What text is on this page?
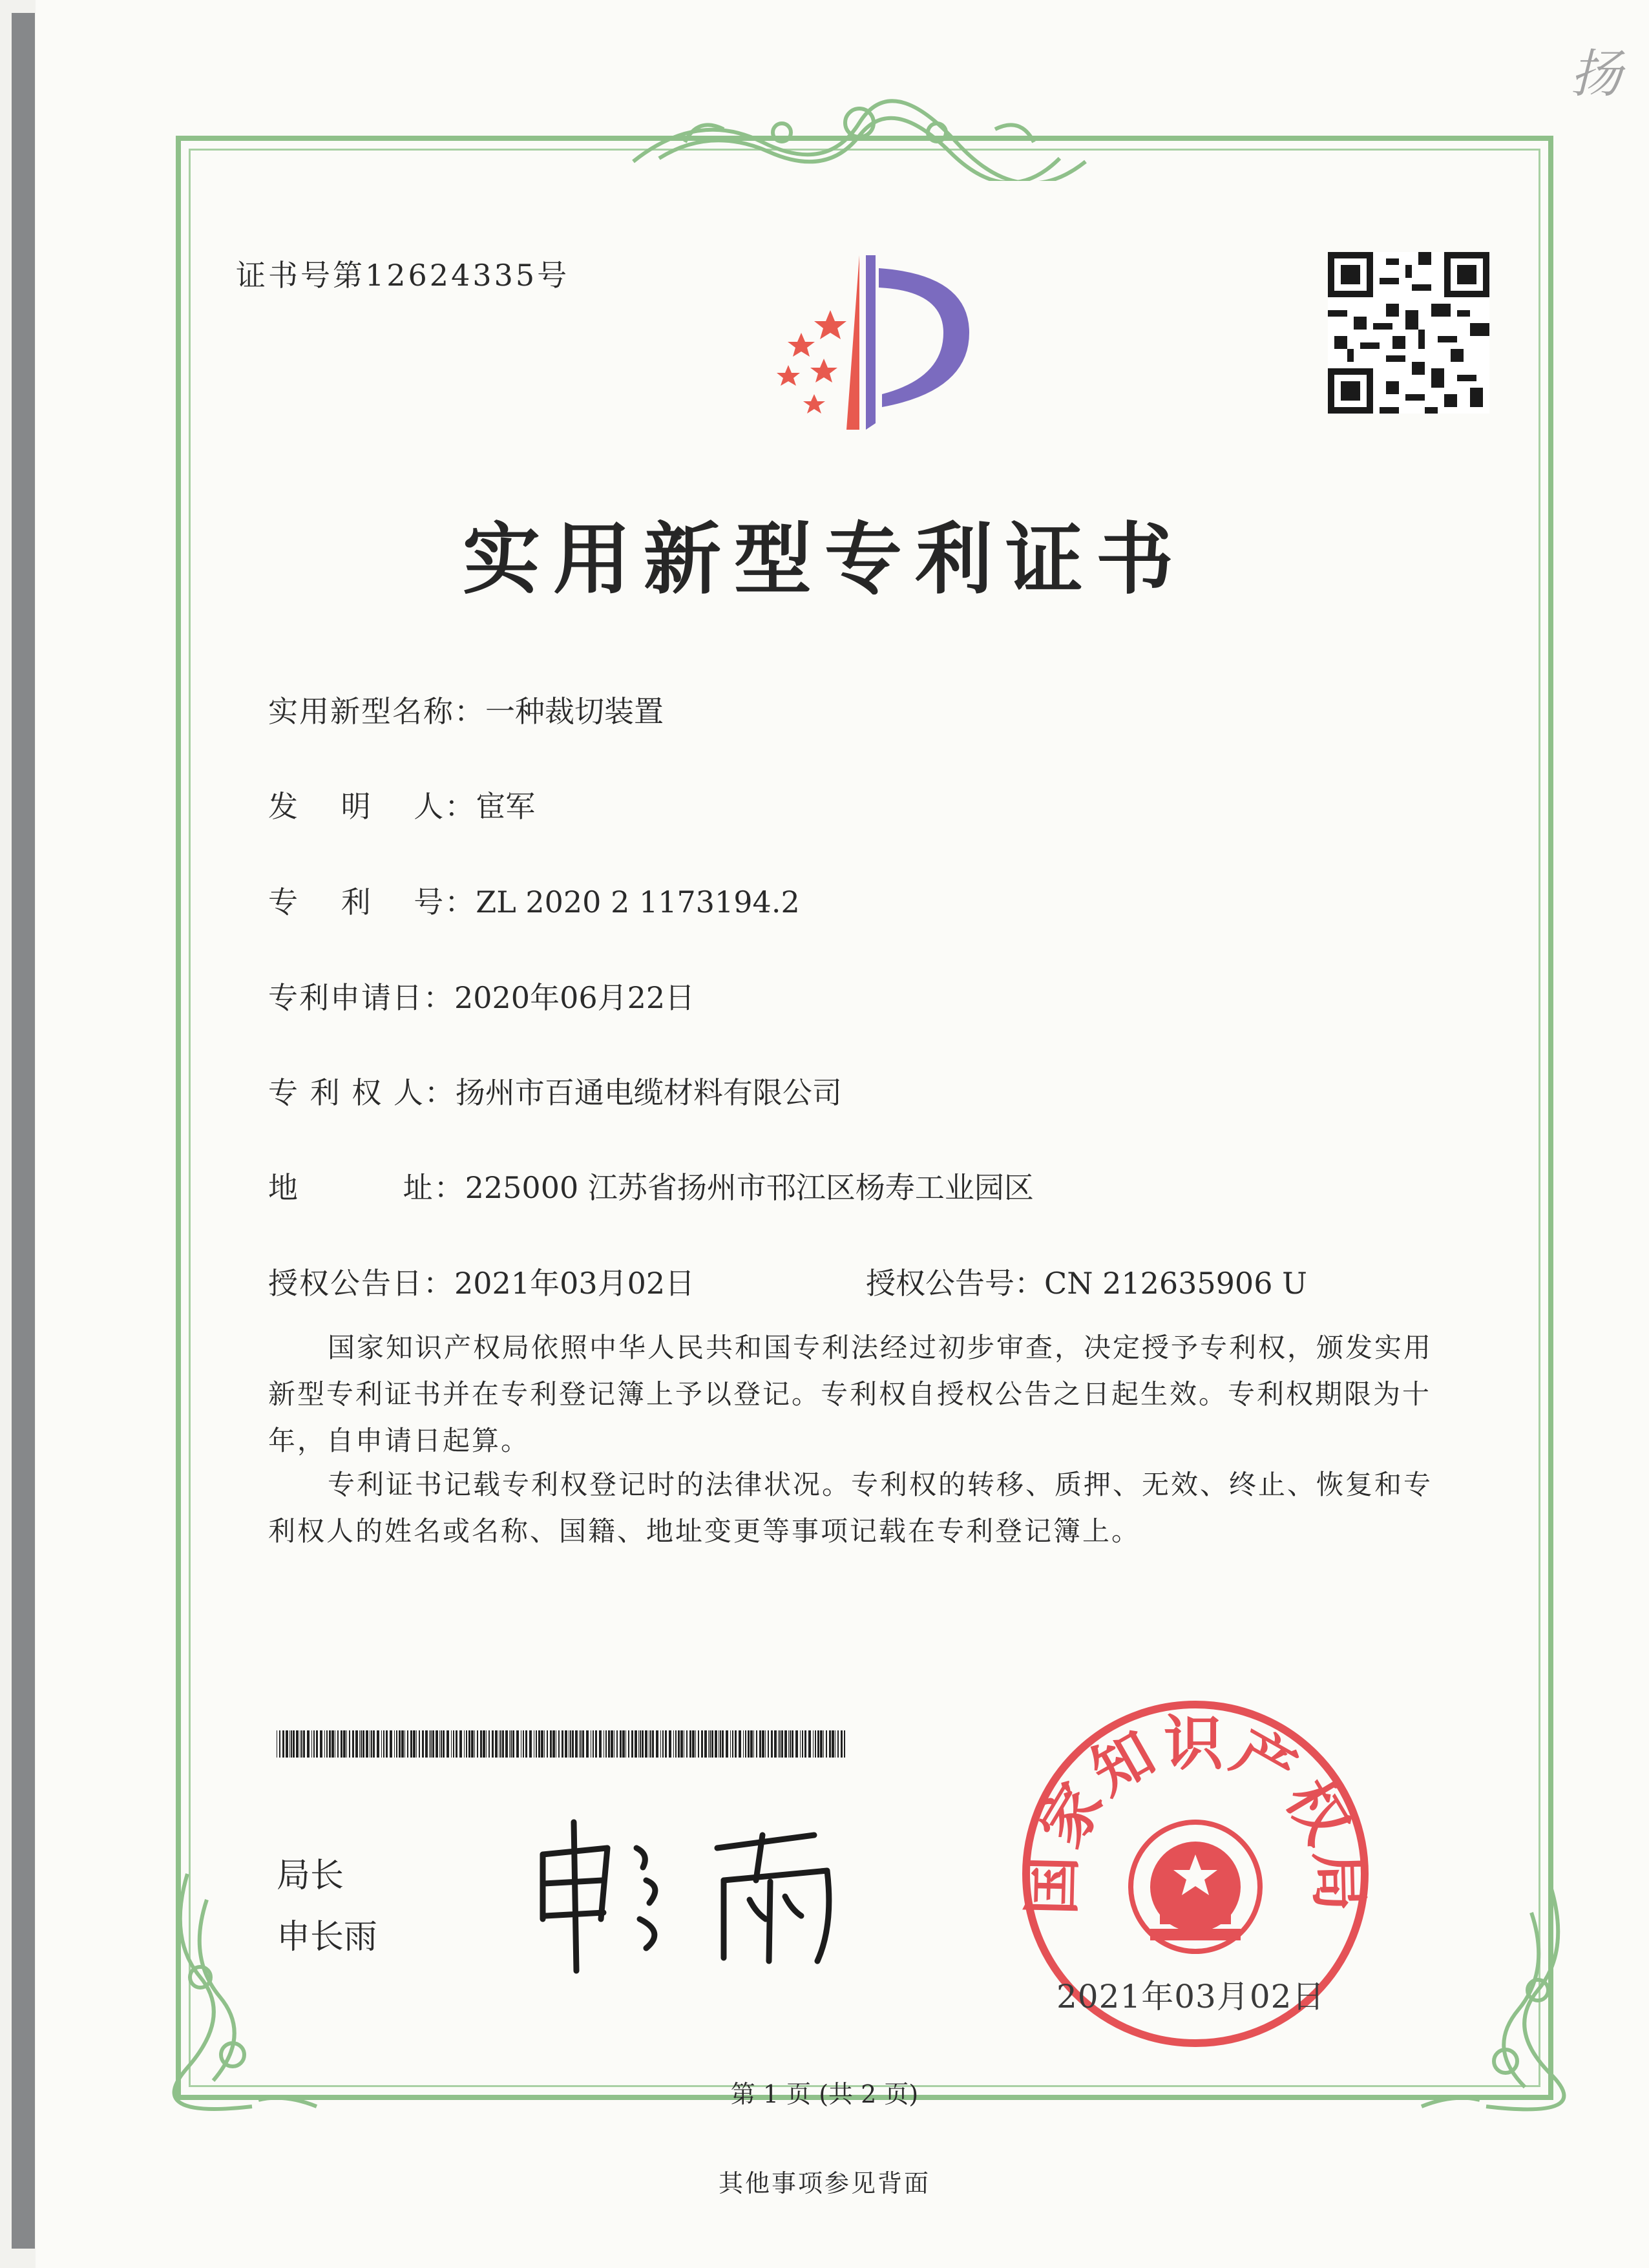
扬
证书号第12624335号
实用新型专利证书
实用新型名称：一种裁切装置
发　 明　 人：宦军
专　 利　 号：ZL 2020 2 1173194.2
专利申请日：2020年06月22日
专 利 权 人：扬州市百通电缆材料有限公司
地　　　 址：225000 江苏省扬州市邗江区杨寿工业园区
授权公告日：2021年03月02日	授权公告号：CN 212635906 U

国家知识产权局依照中华人民共和国专利法经过初步审查，决定授予专利权，颁发实用新型专利证书并在专利登记簿上予以登记。专利权自授权公告之日起生效。专利权期限为十年，自申请日起算。

专利证书记载专利权登记时的法律状况。专利权的转移、质押、无效、终止、恢复和专利权人的姓名或名称、国籍、地址变更等事项记载在专利登记簿上。

局长
申长雨
国家知识产权局
2021年03月02日
第 1 页 (共 2 页)
其他事项参见背面
